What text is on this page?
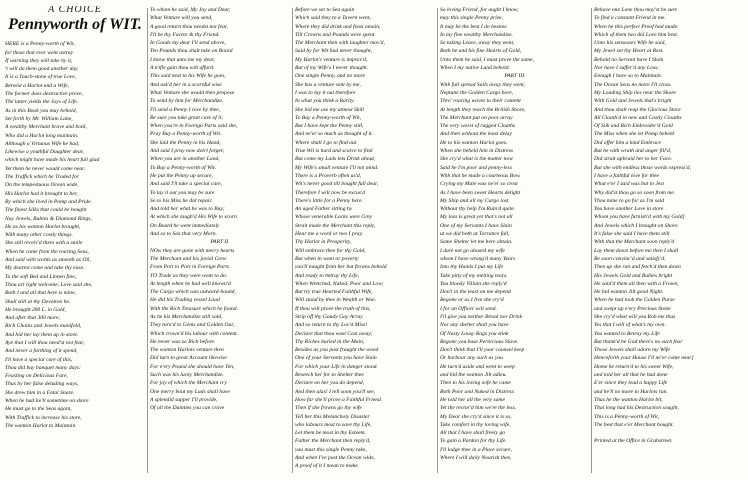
A CHOICE
Pennyworth of WIT.
HERE is a Penny-worth of Wit,
for those that ever went astray
If warning they will take by it,
't will do them good another day.
It is a Touch-stone of true Love,
Betwixt a Harlot and a Wife,
The former does destructive prove,
The latter yields the Joys of Life.
As in this Book you may behold,
Set forth by Mr. William Lane,
A wealthy Merchant brave and bold,
Who did a Harlot long maintain.
Although a Virtuous Wife he had,
Likewise a youthful Daughter dear,
which might have made his heart full glad
Yet them he never would come near.
The Traffick which he Traded for
On the tempestuous Ocean wide,
His Harlot had it brought to her,
By which she lived in Pomp and Pride.
The finest Silks that could be bought
Nay Jewels, Rubies & Diamond Rings,
He as his wanton Harlot brought,
With many other costly things.
She still receiv'd them with a smile
When he came from the roaring Seas,
And said with words as smooth as Oil,
My dearest come and take thy ease.
To the soft Bed and Linnen fine,
Thou art right welcome, Love said she,
Both I and all that here is mine,
Shall still at thy Devotion be.
He brought 200 L. in Gold,
And after that 300 more,
Rich Chains and Jewels manifold,
And hid her lay them up in store.
Aye that I will thou need'st not fear,
And never a farthing of it spend,
I'll have a special care of this,
Thou did buy banquet many days:
Feasting on Delicious Fare,
Thus by her false deluding ways,
She drew him in a Fatal Snare.
When he had lie'll sometime on shore
He must go to the Seas again,
With Traffick to increase his store,
The wanton Harlot to Maintain.
To whom he said, My Joy and Dear,
What Venture will you send,
A good return thou needst not fear,
I'll be thy Factor & thy Friend.
In Goods my dear I'll send above,
Ten Pounds thou shalt take on Board
I know that unto me my dear,
A trifle gain thou wilt afford.
This said next to his Wife he goes,
And ask'd her in a scornful wise
What Venture she would then propose
To send by him for Merchandize.
I'll send a Penny I love by thee,
Be sure you take great care of it;
When you're in Foreign Parts said she,
Pray Buy a Penny-worth of Wit.
She laid the Penny in his Hand,
And said I pray now don't forget;
When you are in another Land,
To Buy a Penny-worth of Wit.
He put the Penny up secure,
And said I'll take a special care,
To lay it out you may be sure
So to his Miss he did repair.
And told her what he was to Buy;
At which she laugh'd His Wife to scorn
On Board he went immediately
And so to Sea that very Morn.
PART II.
NOw they are gone with merry hearts
The Merchant and his jovial Crew
From Port to Port in Foreign Parts
TO Trade as they were wont to do.
At length when he had well known'd
The Cargo which was outward-bound,
He did his Trading vessel Load
With the Rich Treasure which he found.
As he his Merchandize still sold,
They turn'd to Gems and Golden Oar,
Which crown'd his labour with content.
He never was so Rich before.
The wanton Harlots venture then
Did turn to great Account likewise
For e'ery Pound she should have Ten,
Such was his lucky Merchandize.
For joy of which the Merchant cry
One merry bout my Lads shall have
A splendid supper I'll provide,
Of all the Dainties you can crave
Before we set to Sea again
Which said they to a Tavern went,
Where they did drink and feast amain,
Till Crowns and Pounds were spent.
The Merchant then with laughter mov'd,
Said by for Wit had never thought,
My Harlot's venture is improv'd,
But of my Wife's I never thought.
One single Penny, and no more
She has a venture sent by me,
I was to lay it out therefore
In what you think a Rarity.
She bid me use my utmost Skill
To Buy a Penny-worth of Wit,
But I have kept the Penny still,
And ne'er so much as thought of it.
Where shall I go to find out
True Wit is hard and scarce to find
But come my Lads lets Drink about,
My Wife's small venture I'll not mind.
There is a Proverb often us'd,
Wit's never good till bought full dear,
Therefore I will now be excus'd
There's little for a Penny here.
An aged Father sitting by
Whose venerable Locks were Grey
Strait made the Merchant this reply,
Hear me a word or two I pray.
Thy Harlot in Prosperity,
Will embrace thee for thy Gold,
But when in want or poverty
you'll naught from her but frowns behold
And ready to betray thy Life,
When Wretched, Naked, Poor and Low;
But try true Hearted Faithful Wife,
Will stand by thee in Wealth or Woe.
If thou wilt prove the truth of this,
Strip off thy Gaudy Gay Array
And so return to thy Lov'd Miss!
Declare that thou wast Cast away;
Thy Riches buried in the Main,
Besides as you past fraught the wood
One of your Servants you have Slain
For which your Life in danger stood.
Beseech her for to Shelter thee
Declare on her you do depend,
And then alas! I tell soon you'll see,
How far she'll prove a Faithful Friend.
Then if she frowns go thy wife
Tell her this Melancholy Disaster
who labours most to save thy Life,
Let them be most in thy Esteem.
Father the Merchant then reply'd,
you must this single Penny take,
And when I've past the Ocean wide,
A proof of it I mean to make.
So loving Friend, for aught I know,
may this single Penny prize,
It may be the best I do bestow
In my fine wealthy Merchandize.
So taking Leave, away they went,
Both he and his fine Hearts of Gold,
Unto them he said, I must prove the same,
When I my native Land behold.
PART III.
With full spread Sails away they went,
Neptune the Golden Cargo bore,
Thro' roaring waves to their content
At length they reach the British Shore,
The Merchant put on poor array
The very worst of ragged Cloaths
And then without the least delay
He to his wanton Harlot goes.
When she beheld him in Distress
She cry'd what is the matter now
Said he I'm poor and penny-less
With that he made a courteous Bow.
Crying my Mate was ne'er so crost
As I have been sweet Hearts delight
My Ship and all my Cargo lost
Without thy help I'm Ruin'd quite.
My loss is great yet that's not all
One of my Servants I have Slain
ut we did both at Torrance fall,
Some Shelter let me here obtain.
I dare not go aboard my wife
whom I have wrong'd many Years
Into thy Hands I put my Life
Take pitty of my melting tears.
You bloody Villain she reply'd
Don't in the least on me depend
Begone or as I live she cry'd
I for an Officer will send.
I'll give you neither Bread nor Drink
Nor any shelter shall you have
Of Nasty Lousy Rags you stink
Begone you base Pernicious Slave.
Don't think that I'll your counsel keep
Or harbour any such as you
He turn'd aside and went to weep
and bid the wanton Jilt adieu.
Then to his loving wife he came
Both Poor and Naked in Distress
He told her all the very same
Yet the rector'd him we're the less.
My Dear she cry'd since it is so,
Take comfort in thy loving wife,
All that I have shall freely go
To gain a Pardon for thy Life.
I'll lodge thee in a Place secure,
Where I will daily Nourish thee,
Behave one Lone thou may'st be sure
To find a constant Friend in me.
When he this perfect Proof had made.
Which of them two did Love him best.
Unto his sensesses Wife he said,
My Jewel set thy Heart at Rest.
Behold no Servant have I Slain
Nor have I suffer'd any Loss;
Enough I have so to Maintain.
The Ocean Seas no more I'll cross.
My Loading Ship lies near the Shore
With Gold and Jewels that's bright
And thou shalt reap the Glorious Store
All Cloath'd in new and Costly Cloaths
Of Silk and Rich Embroider'd Gold
The Miss when she let Pomp beheld
Did offer him a kind Embrace
But he with wrath and anger fill'd,
Did strait upbraid her to her Face.
But she with endless those words express'd,
I have a faithful love for thee
What e'er I said was but in Jest
Why did'st thou go so soon from me.
Thou mine to go for as I'm said
You have another Love in store
Whom you have furnish'd with my Gold]
And Jewels which I brought on Shore.
It's false she said I have them still
With that the Merchant soon reply'd
Lay them down before me then I shall
Be soon convinc'd and satisfy'd.
Then up she ran and fetch'd then down
His Jewels Gold and Rubies bright
He said'd them all then with a Frown,
He bid wanton Jilt good Night.
When he had took the Golden Purse
and swept up e'ery Precious Stone
She cry'd what will you Rob me thus
Yes that I will of what's my own.
You wanted to Betray my Life
But thank'd be God there's no such fear
Those Jewels shall adorn my Wife
Henceforth your House I'll ne'er come near]
Home he return'd to his sweet Wife,
and told her all that he had done
E'er since they lead a happy Life
and he'll no more to Harlots run.
Thus he the wanton Harlot bit,
That long had his Destruction sought,
This is a Penny-worth of Wit,
The best that e'er Merchant bought.
Printed at the Office in Grubstreet.
